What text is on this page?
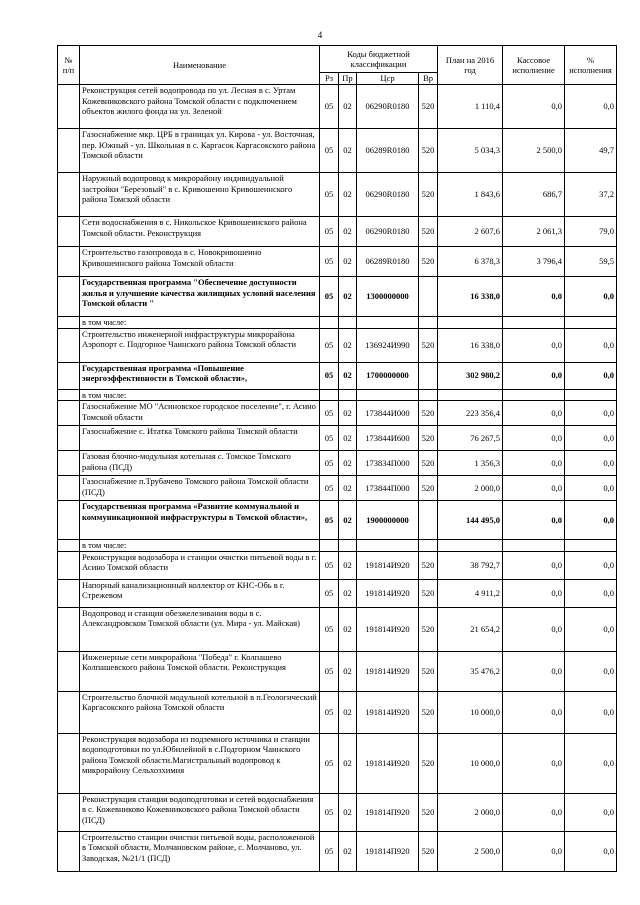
4
№
п/п	Наименование	Коды бюджетной классификации				План на 2016 год	Кассовое исполнение	% исполнения
		Рз	Пр	Цср	Вр			
	Реконструкция сетей водопровода по ул. Лесная в с. Уртам Кожевниковского района Томской области с подключением объектов жилого фонда на ул. Зеленой	05	02	06290R0180	520	1 110,4	0,0	0,0
	Газоснабжение мкр. ЦРБ в границах ул. Кирова - ул. Восточная, пер. Южный - ул. Школьная в с. Каргасок Каргасокского района Томской области	05	02	06289R0180	520	5 034,3	2 500,0	49,7
	Наружный водопровод к микрорайону индивидуальной застройки "Березовый" в с. Кривошеино Кривошеинского района Томской области	05	02	06290R0180	520	1 843,6	686,7	37,2
	Сети водоснабжения в с. Никольское Кривошеинского района Томской области. Реконструкция	05	02	06290R0180	520	2 607,6	2 061,3	79,0
	Строительство газопровода в с. Новокривошеино Кривошеинского района Томской области	05	02	06289R0180	520	6 378,3	3 796,4	59,5
	Государственная программа "Обеспечение доступности жилья и улучшение качества жилищных условий населения Томской области "	05	02	1300000000		16 338,0	0,0	0,0
	в том числе:							
	Строительство инженерной инфраструктуры микрорайона Аэропорт с. Подгорное Чаинского района Томской области	05	02	136924И990	520	16 338,0	0,0	0,0
	Государственная программа «Повышение энергоэффективности в Томской области»,	05	02	1700000000		302 980,2	0,0	0,0
	в том числе:							
	Газоснабжение МО "Асиновское городское поселение", г. Асино Томской области	05	02	173844И000	520	223 356,4	0,0	0,0
	Газоснабжение с. Итатка Томского района Томской области	05	02	173844И600	520	76 267,5	0,0	0,0
	Газовая блочно-модульная котельная с. Томское Томского района (ПСД)	05	02	173834П000	520	1 356,3	0,0	0,0
	Газоснабжение п.Трубачево Томского района Томской области (ПСД)	05	02	173844П000	520	2 000,0	0,0	0,0
	Государственная программа «Развитие коммунальной и коммуникационной инфраструктуры в Томской области»,	05	02	1900000000		144 495,0	0,0	0,0
	в том числе:							
	Реконструкция водозабора и станции очистки питьевой воды в г. Асино Томской области	05	02	191814И920	520	38 792,7	0,0	0,0
	Напорный канализационный коллектор от КНС-Обь в г. Стрежевом	05	02	191814И920	520	4 911,2	0,0	0,0
	Водопровод и станция обезжелезивания воды в с. Александровском Томской области (ул. Мира - ул. Майская)	05	02	191814И920	520	21 654,2	0,0	0,0
	Инженерные сети микрорайона "Победа" г. Колпашево Колпашевского района Томской области. Реконструкция	05	02	191814И920	520	35 476,2	0,0	0,0
	Строительство блочной модульной котельной в п.Геологический Каргасокского района Томской области	05	02	191814И920	520	10 000,0	0,0	0,0
	Реконструкция водозабора из подземного источника и станции водоподготовки по ул.Юбилейной в с.Подгорном Чаинского района Томской области.Магистральный водопровод к микрорайону Сельхозхимия	05	02	191814И920	520	10 000,0	0,0	0,0
	Реконструкция станции водоподготовки и сетей водоснабжения в с. Кожевниково Кожевниковского района Томской области (ПСД)	05	02	191814П920	520	2 000,0	0,0	0,0
	Строительство станции очистки питьевой воды, расположенной в Томской области, Молчановском районе, с. Молчаново, ул. Заводская, №21/1 (ПСД)	05	02	191814П920	520	2 500,0	0,0	0,0
